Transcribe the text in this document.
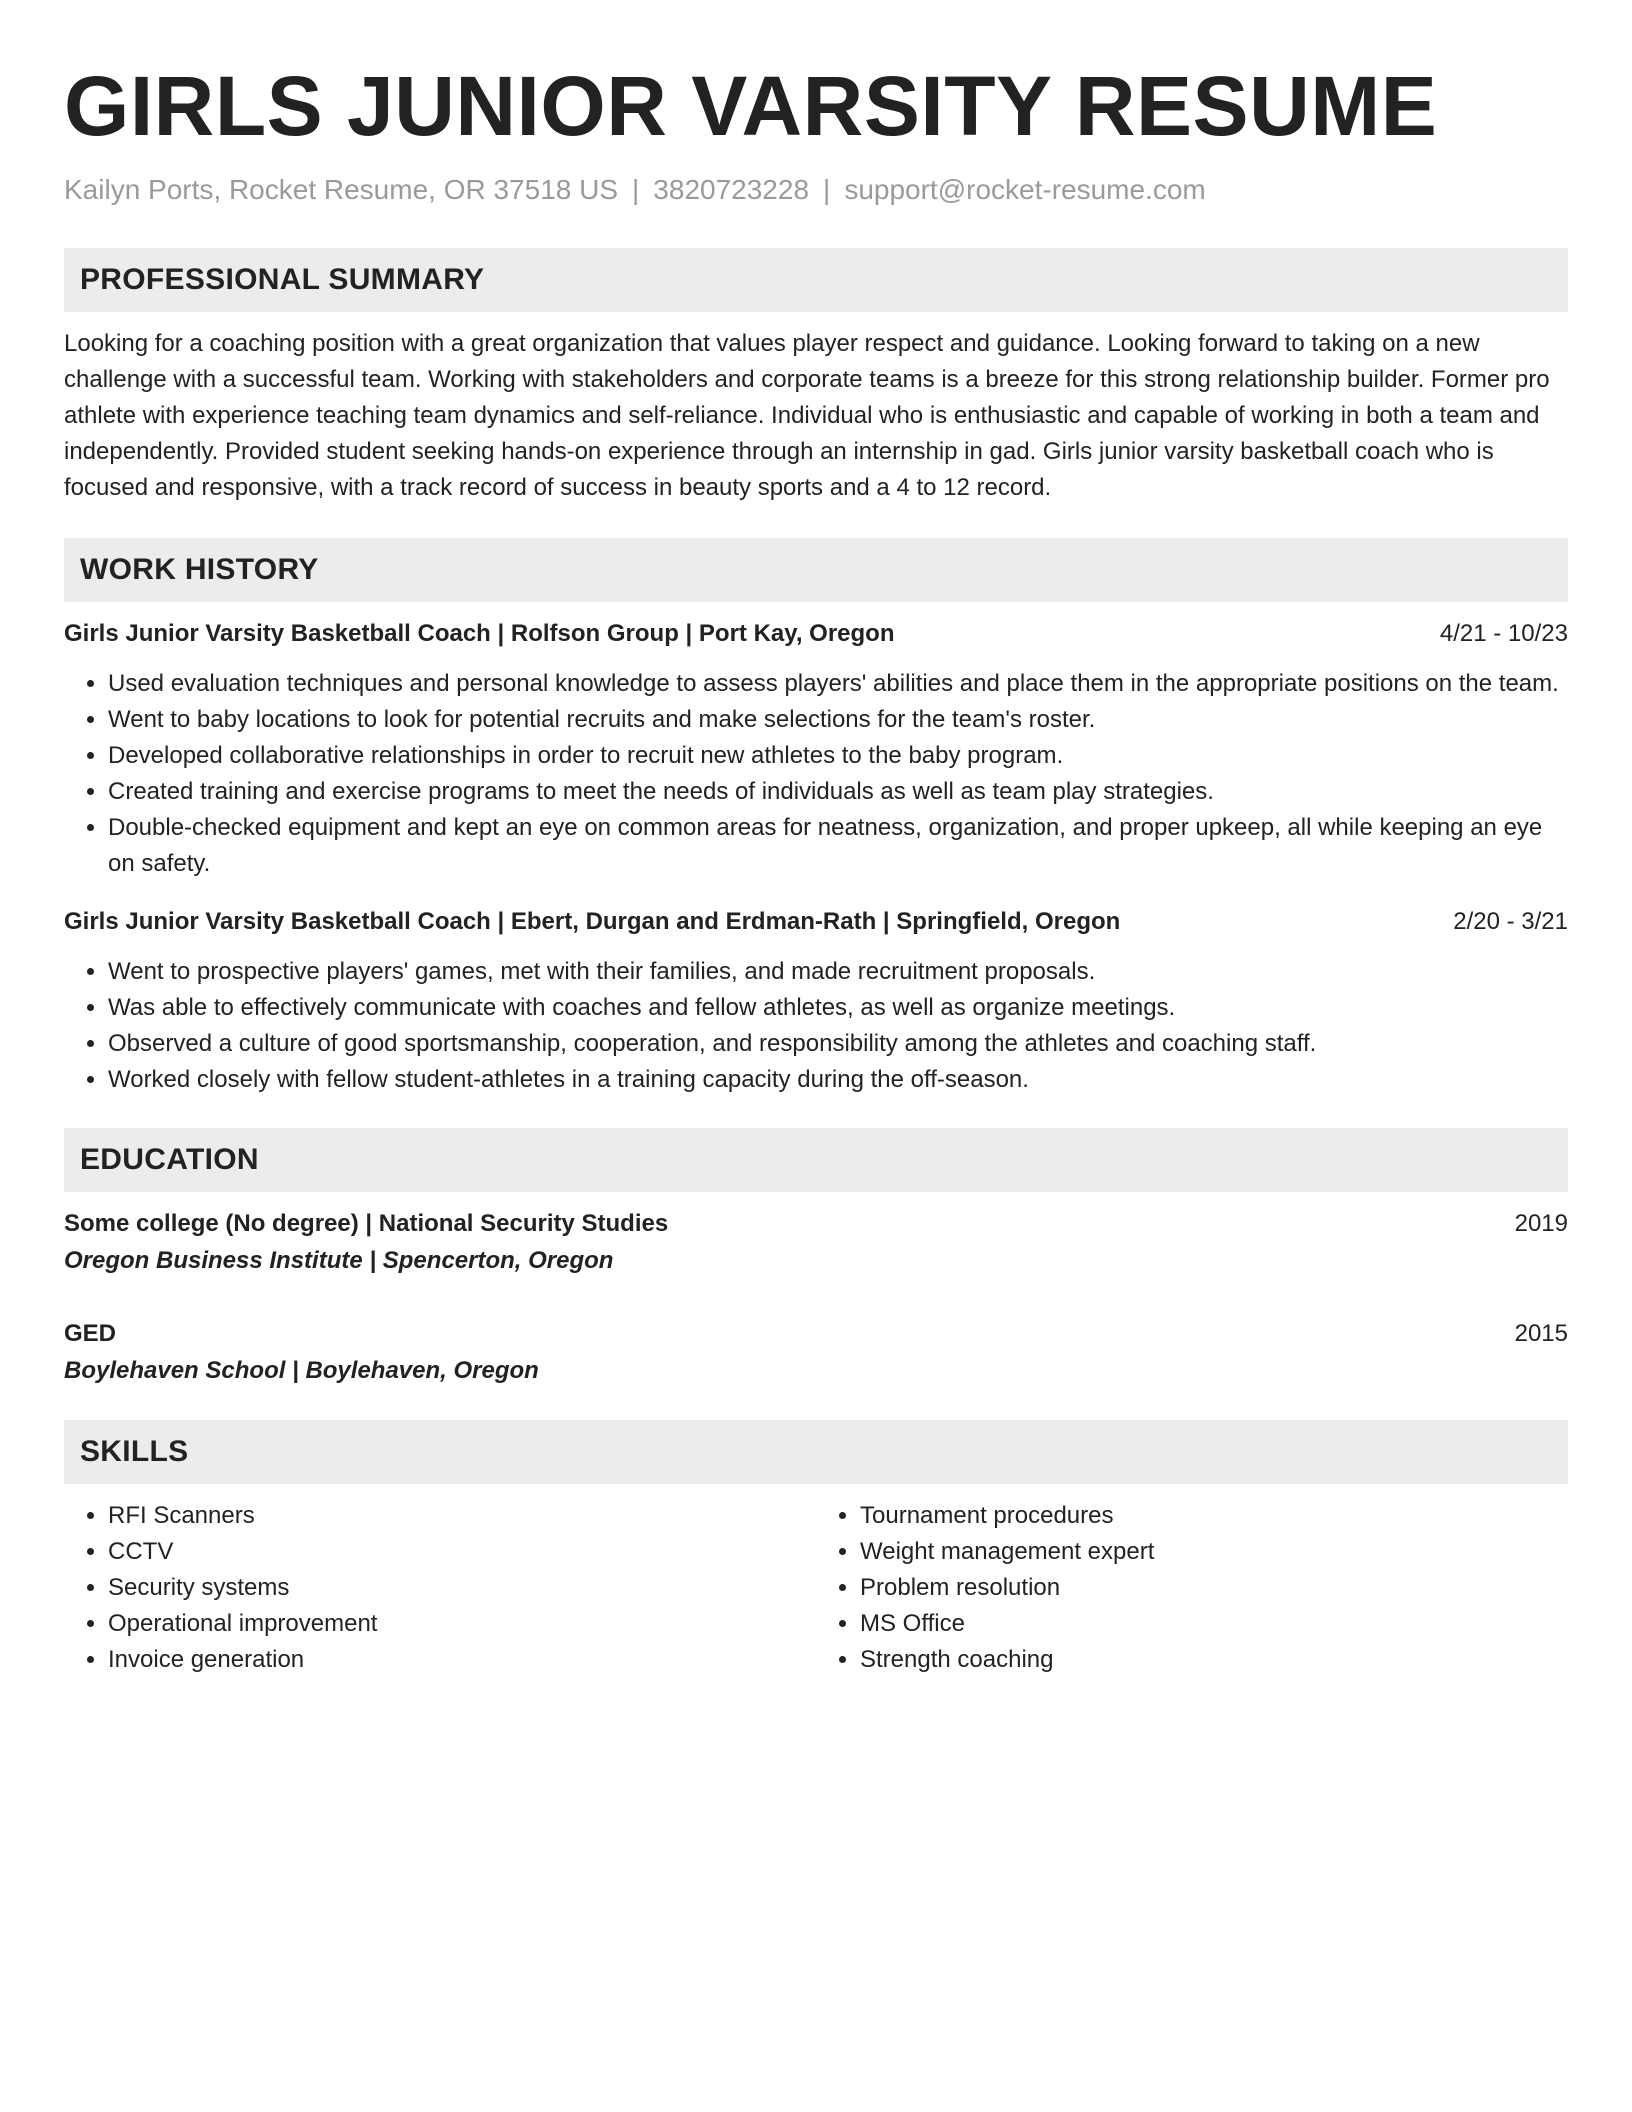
GIRLS JUNIOR VARSITY RESUME
Kailyn Ports, Rocket Resume, OR 37518 US | 3820723228 | support@rocket-resume.com
PROFESSIONAL SUMMARY
Looking for a coaching position with a great organization that values player respect and guidance. Looking forward to taking on a new challenge with a successful team. Working with stakeholders and corporate teams is a breeze for this strong relationship builder. Former pro athlete with experience teaching team dynamics and self-reliance. Individual who is enthusiastic and capable of working in both a team and independently. Provided student seeking hands-on experience through an internship in gad. Girls junior varsity basketball coach who is focused and responsive, with a track record of success in beauty sports and a 4 to 12 record.
WORK HISTORY
Girls Junior Varsity Basketball Coach | Rolfson Group | Port Kay, Oregon	4/21 - 10/23
• Used evaluation techniques and personal knowledge to assess players' abilities and place them in the appropriate positions on the team.
• Went to baby locations to look for potential recruits and make selections for the team's roster.
• Developed collaborative relationships in order to recruit new athletes to the baby program.
• Created training and exercise programs to meet the needs of individuals as well as team play strategies.
• Double-checked equipment and kept an eye on common areas for neatness, organization, and proper upkeep, all while keeping an eye on safety.
Girls Junior Varsity Basketball Coach | Ebert, Durgan and Erdman-Rath | Springfield, Oregon	2/20 - 3/21
• Went to prospective players' games, met with their families, and made recruitment proposals.
• Was able to effectively communicate with coaches and fellow athletes, as well as organize meetings.
• Observed a culture of good sportsmanship, cooperation, and responsibility among the athletes and coaching staff.
• Worked closely with fellow student-athletes in a training capacity during the off-season.
EDUCATION
Some college (No degree) | National Security Studies	2019
Oregon Business Institute | Spencerton, Oregon
GED	2015
Boylehaven School | Boylehaven, Oregon
SKILLS
• RFI Scanners
• CCTV
• Security systems
• Operational improvement
• Invoice generation
• Tournament procedures
• Weight management expert
• Problem resolution
• MS Office
• Strength coaching
